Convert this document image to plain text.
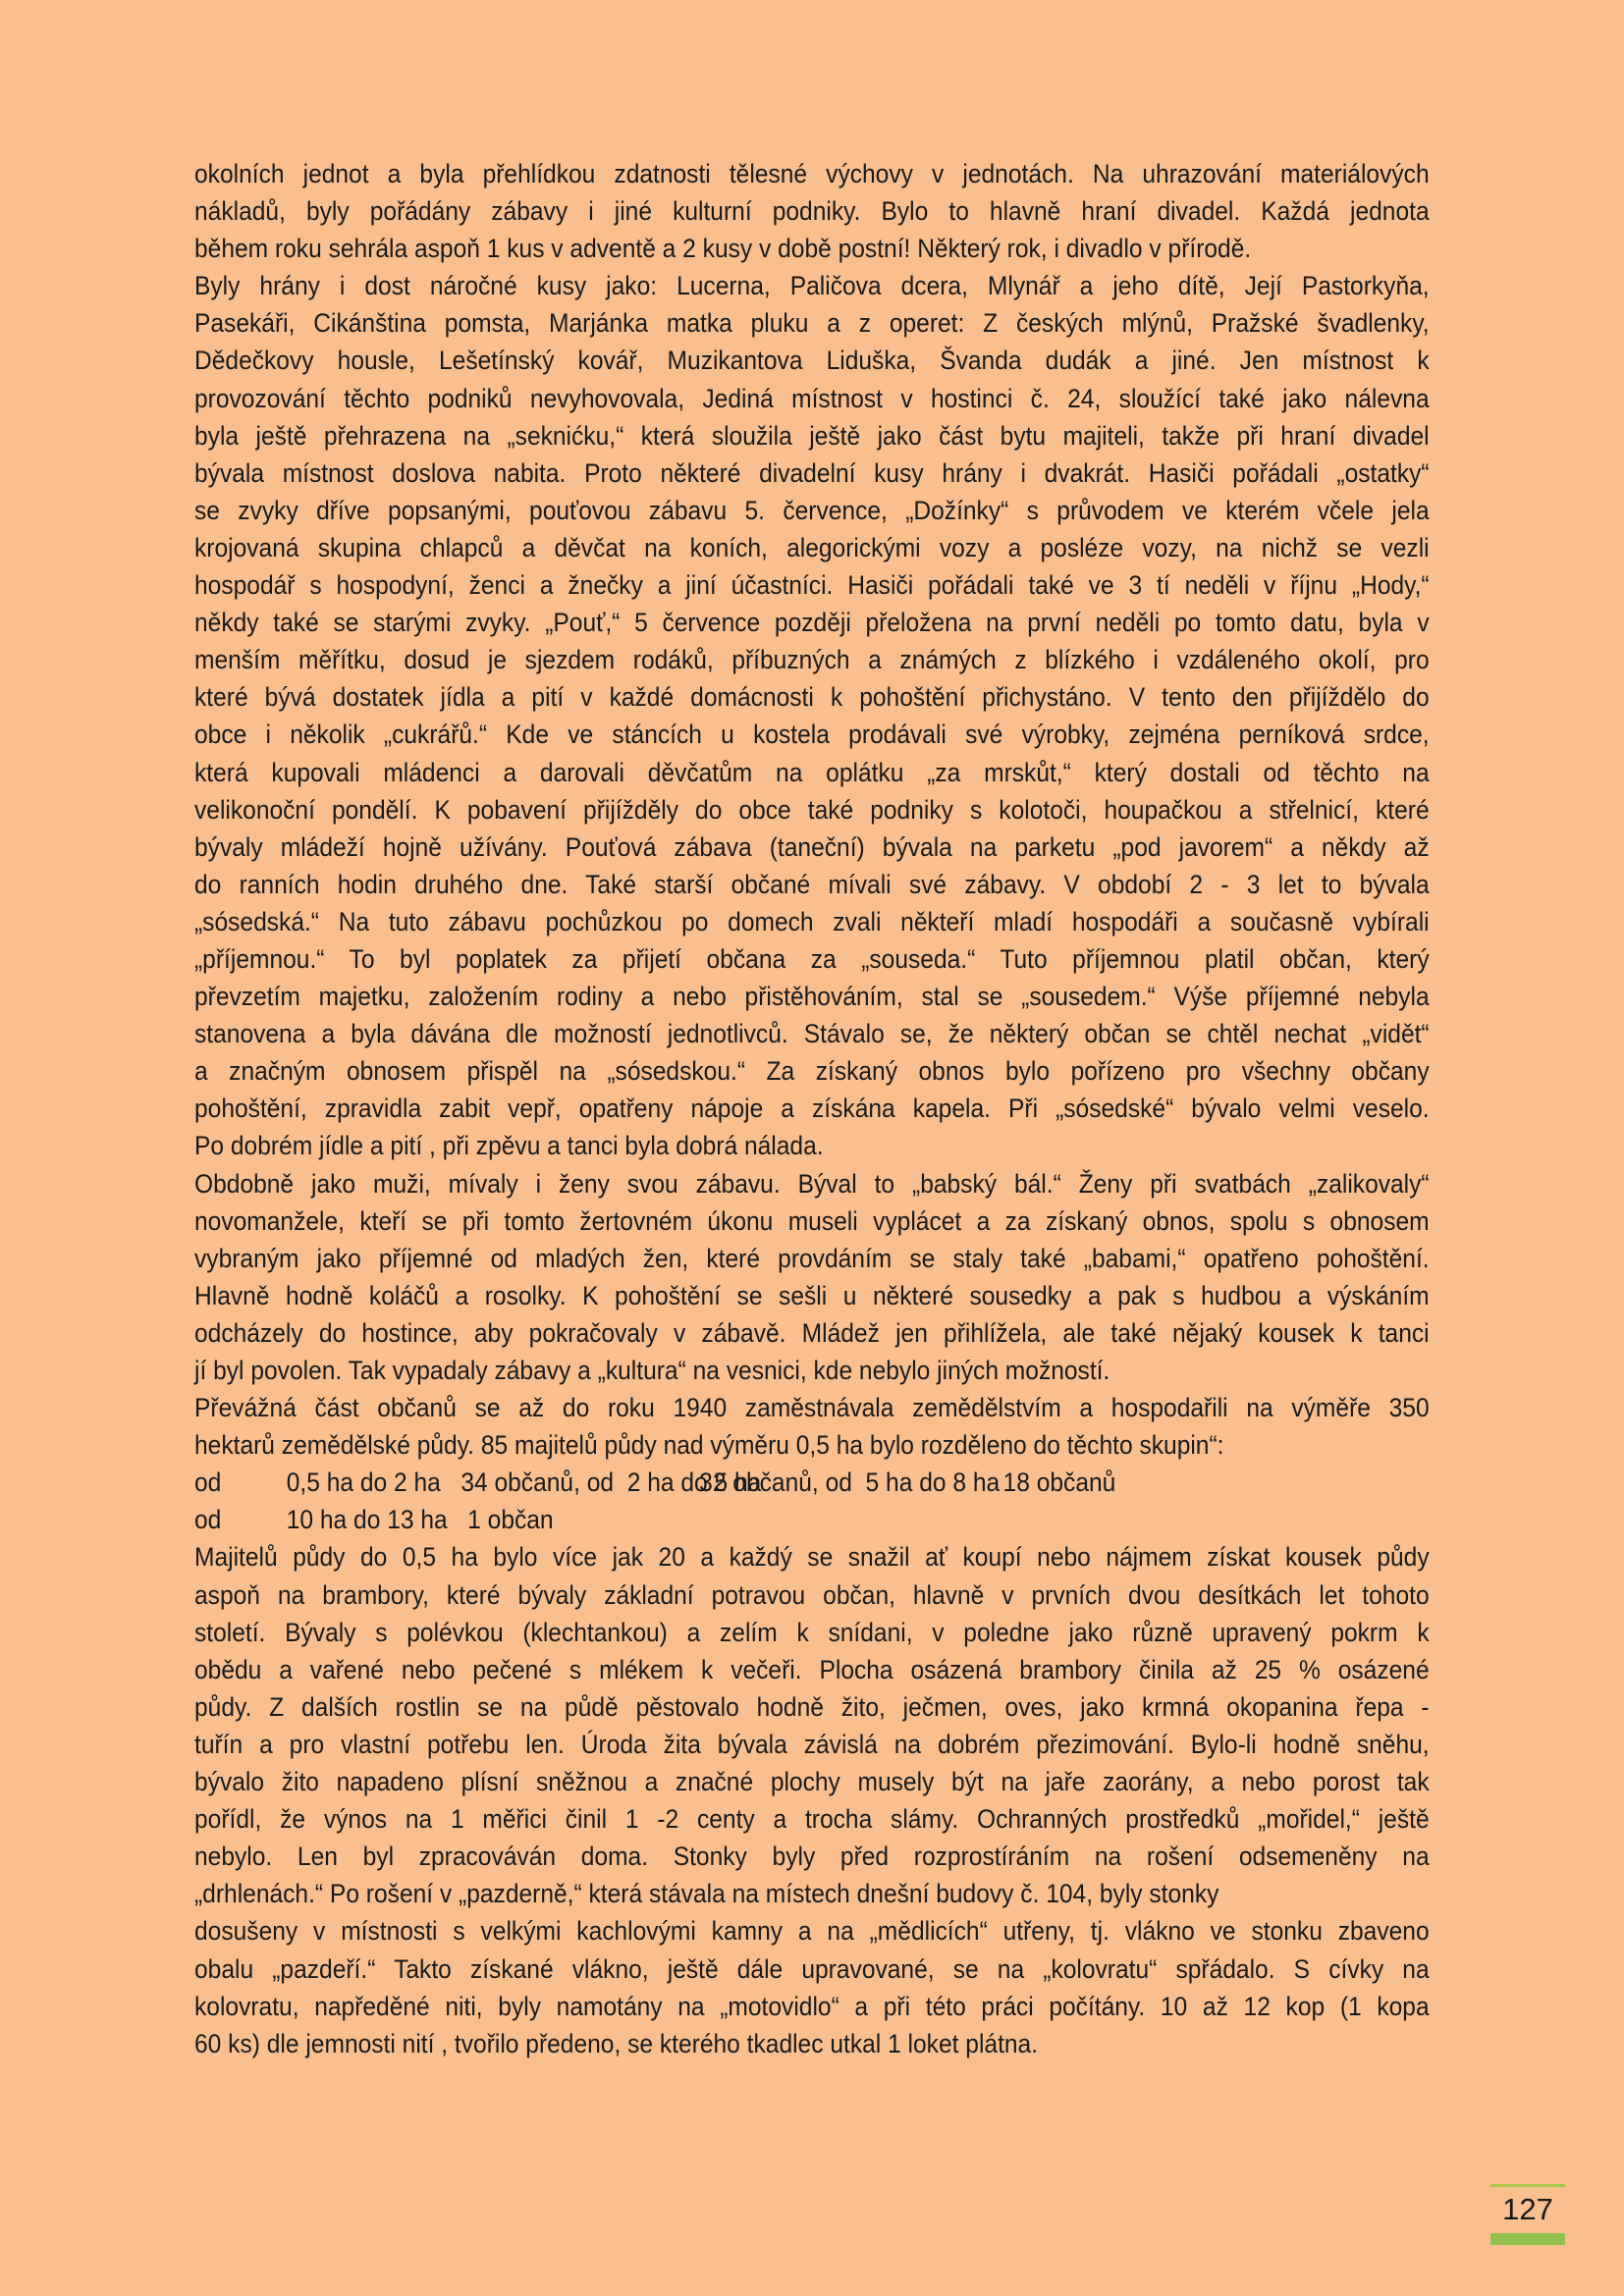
okolních jednot a byla přehlídkou zdatnosti tělesné výchovy v jednotách. Na uhrazování materiálových
nákladů, byly pořádány zábavy i jiné kulturní podniky. Bylo to hlavně hraní divadel. Každá jednota
během roku sehrála aspoň 1 kus v adventě a 2 kusy v době postní! Některý rok, i divadlo v přírodě.
Byly hrány i dost náročné kusy jako: Lucerna, Paličova dcera, Mlynář a jeho dítě, Její Pastorkyňa,
Pasekáři, Cikánština pomsta, Marjánka matka pluku a z operet: Z českých mlýnů, Pražské švadlenky,
Dědečkovy housle, Lešetínský kovář, Muzikantova Liduška, Švanda dudák a jiné. Jen místnost k
provozování těchto podniků nevyhovovala, Jediná místnost v hostinci č. 24, sloužící také jako nálevna
byla ještě přehrazena na „seknićku,“ která sloužila ještě jako část bytu majiteli, takže při hraní divadel
bývala místnost doslova nabita. Proto některé divadelní kusy hrány i dvakrát. Hasiči pořádali „ostatky“
se zvyky dříve popsanými, pouťovou zábavu 5. července, „Dožínky“ s průvodem ve kterém včele jela
krojovaná skupina chlapců a děvčat na koních, alegorickými vozy a posléze vozy, na nichž se vezli
hospodář s hospodyní, ženci a žnečky a jiní účastníci. Hasiči pořádali také ve 3 tí neděli v říjnu „Hody,“
někdy také se starými zvyky. „Pouť,“ 5 července později přeložena na první neděli po tomto datu, byla v
menším měřítku, dosud je sjezdem rodáků, příbuzných a známých z blízkého i vzdáleného okolí, pro
které bývá dostatek jídla a pití v každé domácnosti k pohoštění přichystáno. V tento den přijíždělo do
obce i několik „cukrářů.“ Kde ve stáncích u kostela prodávali své výrobky, zejména perníková srdce,
která kupovali mládenci a darovali děvčatům na oplátku „za mrskůt,“ který dostali od těchto na
velikonoční pondělí. K pobavení přijížděly do obce také podniky s kolotoči, houpačkou a střelnicí, které
bývaly mládeží hojně užívány. Pouťová zábava (taneční) bývala na parketu „pod javorem“ a někdy až
do ranních hodin druhého dne. Také starší občané mívali své zábavy. V období 2 - 3 let to bývala
„sósedská.“ Na tuto zábavu pochůzkou po domech zvali někteří mladí hospodáři a současně vybírali
„příjemnou.“ To byl poplatek za přijetí občana za „souseda.“ Tuto příjemnou platil občan, který
převzetím majetku, založením rodiny a nebo přistěhováním, stal se „sousedem.“ Výše příjemné nebyla
stanovena a byla dávána dle možností jednotlivců. Stávalo se, že některý občan se chtěl nechat „vidět“
a značným obnosem přispěl na „sósedskou.“ Za získaný obnos bylo pořízeno pro všechny občany
pohoštění, zpravidla zabit vepř, opatřeny nápoje a získána kapela. Při „sósedské“ bývalo velmi veselo.
Po dobrém jídle a pití , při zpěvu a tanci byla dobrá nálada.
Obdobně jako muži, mívaly i ženy svou zábavu. Býval to „babský bál.“ Ženy při svatbách „zalikovaly“
novomanžele, kteří se při tomto žertovném úkonu museli vyplácet a za získaný obnos, spolu s obnosem
vybraným jako příjemné od mladých žen, které provdáním se staly také „babami,“ opatřeno pohoštění.
Hlavně hodně koláčů a rosolky. K pohoštění se sešli u některé sousedky a pak s hudbou a výskáním
odcházely do hostince, aby pokračovaly v zábavě. Mládež jen přihlížela, ale také nějaký kousek k tanci
jí byl povolen. Tak vypadaly zábavy a „kultura“ na vesnici, kde nebylo jiných možností.
Převážná část občanů se až do roku 1940 zaměstnávala zemědělstvím a hospodařili na výměře 350
hektarů zemědělské půdy. 85 majitelů půdy nad výměru 0,5 ha bylo rozděleno do těchto skupin“:
od	0,5 ha do 2 ha   34 občanů, od  2 ha do 5 ha
32 občanů, od  5 ha do 8 ha 18 občanů
od	10 ha do 13 ha   1 občan
Majitelů půdy do 0,5 ha bylo více jak 20 a každý se snažil ať koupí nebo nájmem získat kousek půdy
aspoň na brambory, které bývaly základní potravou občan, hlavně v prvních dvou desítkách let tohoto
století. Bývaly s polévkou (klechtankou) a zelím k snídani, v poledne jako různě upravený pokrm k
obědu a vařené nebo pečené s mlékem k večeři. Plocha osázená brambory činila až 25 % osázené
půdy. Z dalších rostlin se na půdě pěstovalo hodně žito, ječmen, oves, jako krmná okopanina řepa -
tuřín a pro vlastní potřebu len. Úroda žita bývala závislá na dobrém přezimování. Bylo-li hodně sněhu,
bývalo žito napadeno plísní sněžnou a značné plochy musely být na jaře zaorány, a nebo porost tak
pořídl, že výnos na 1 měřici činil 1 -2 centy a trocha slámy. Ochranných prostředků „mořidel,“ ještě
nebylo. Len byl zpracováván doma. Stonky byly před rozprostíráním na rošení odsemeněny na
„drhlenách.“ Po rošení v „pazderně,“ která stávala na místech dnešní budovy č. 104, byly stonky
dosušeny v místnosti s velkými kachlovými kamny a na „mědlicích“ utřeny, tj. vlákno ve stonku zbaveno
obalu „pazdeří.“ Takto získané vlákno, ještě dále upravované, se na „kolovratu“ spřádalo. S cívky na
kolovratu, napředěné niti, byly namotány na „motovidlo“ a při této práci počítány. 10 až 12 kop (1 kopa
60 ks) dle jemnosti nití , tvořilo předeno, se kterého tkadlec utkal 1 loket plátna.
127
